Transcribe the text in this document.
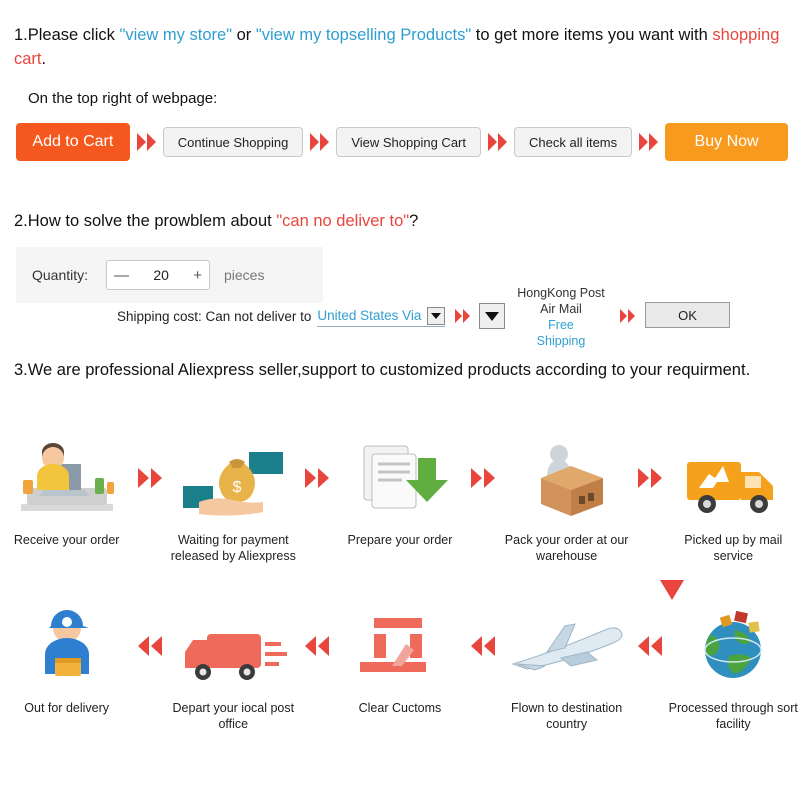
1.Please click "view my store" or "view my topselling Products" to get more items you want with shopping cart.
On the top right of webpage:
Add to Cart	Continue Shopping	View Shopping Cart	Check all items	Buy Now
2.How to solve the prowblem about "can no deliver to"?
Quantity:	— 20 + pieces
Shipping cost: Can not deliver to United States Via
HongKong Post
Air Mail
Free
Shipping
OK
3.We are professional Aliexpress seller,support to customized products according to your requirment.
Receive your order
$
Waiting for payment released by Aliexpress
Prepare your order	Pack your order at our warehouse
Picked up by mail service
Out for delivery	Depart your iocal post office
Clear Cuctoms	Flown to destination country
Processed through sort facility
